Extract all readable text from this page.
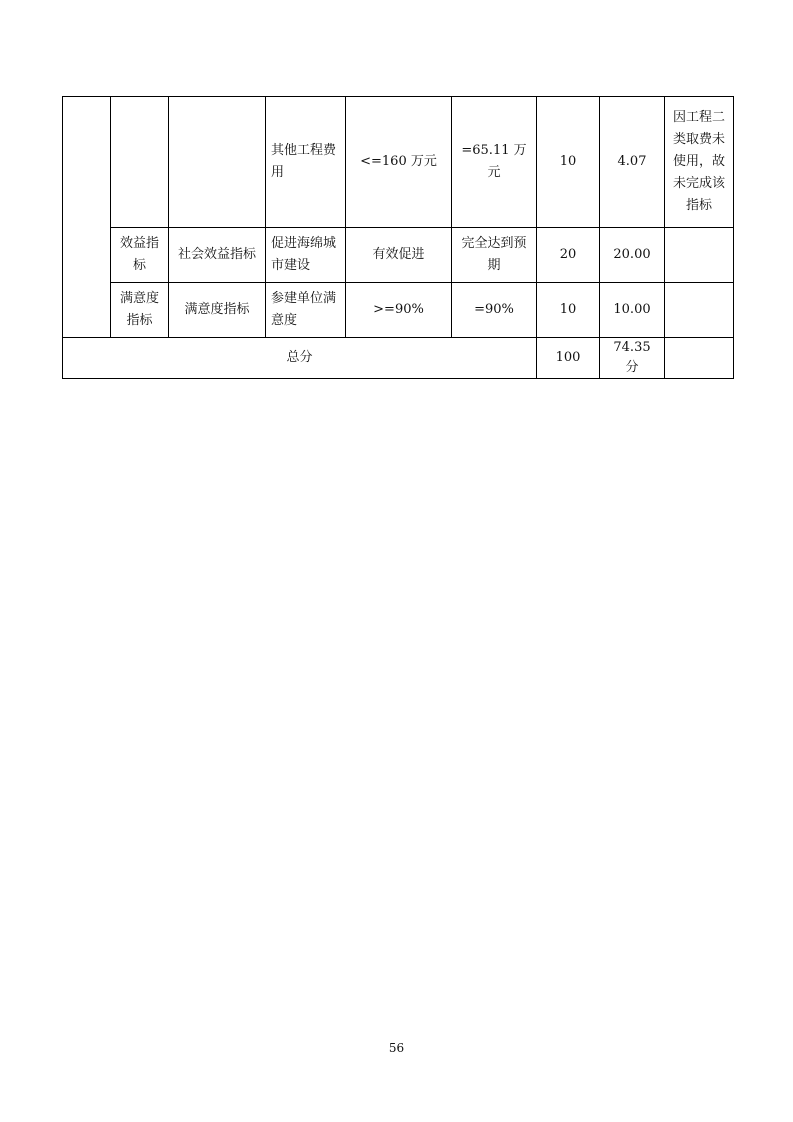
			其他工程费用	<=160 万元	=65.11 万元	10	4.07	因工程二类取费未使用，故未完成该指标
	效益指标	社会效益指标	促进海绵城市建设	有效促进	完全达到预期	20	20.00	
	满意度指标	满意度指标	参建单位满意度	>=90%	=90%	10	10.00	
总分						100	74.35 分	
56
